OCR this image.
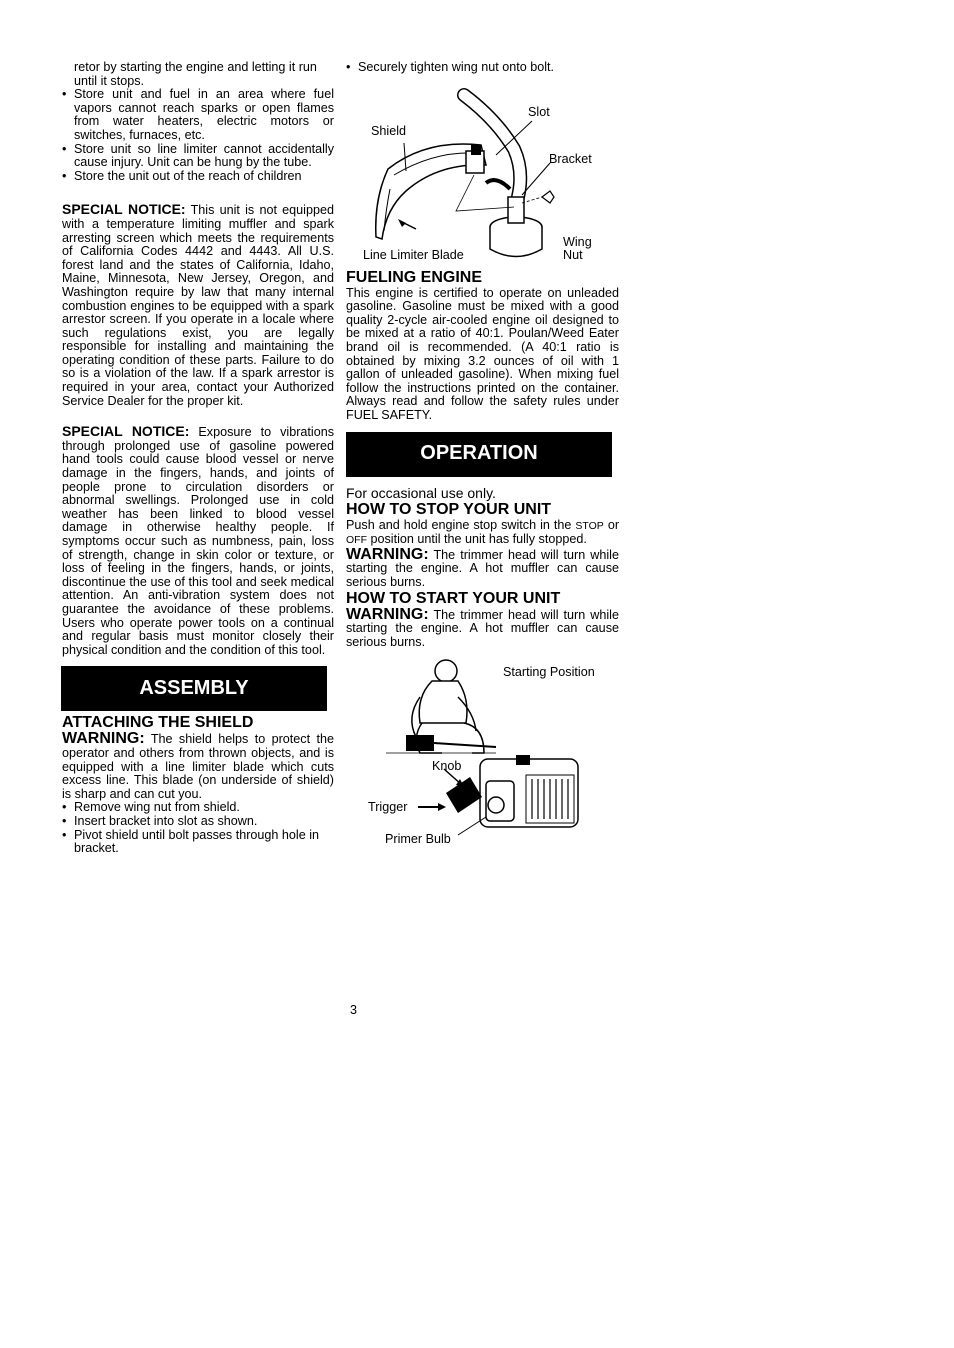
retor by starting the engine and letting it run until it stops.

• Store unit and fuel in an area where fuel vapors cannot reach sparks or open flames from water heaters, electric motors or switches, furnaces, etc.
• Store unit so line limiter cannot accidentally cause injury. Unit can be hung by the tube.
• Store the unit out of the reach of children

SPECIAL NOTICE: This unit is not equipped with a temperature limiting muffler and spark arresting screen which meets the requirements of California Codes 4442 and 4443. All U.S. forest land and the states of California, Idaho, Maine, Minnesota, New Jersey, Oregon, and Washington require by law that many internal combustion engines to be equipped with a spark arrestor screen. If you operate in a locale where such regulations exist, you are legally responsible for installing and maintaining the operating condition of these parts. Failure to do so is a violation of the law. If a spark arrestor is required in your area, contact your Authorized Service Dealer for the proper kit.

SPECIAL NOTICE: Exposure to vibrations through prolonged use of gasoline powered hand tools could cause blood vessel or nerve damage in the fingers, hands, and joints of people prone to circulation disorders or abnormal swellings. Prolonged use in cold weather has been linked to blood vessel damage in otherwise healthy people. If symptoms occur such as numbness, pain, loss of strength, change in skin color or texture, or loss of feeling in the fingers, hands, or joints, discontinue the use of this tool and seek medical attention. An anti-vibration system does not guarantee the avoidance of these problems. Users who operate power tools on a continual and regular basis must monitor closely their physical condition and the condition of this tool.

ASSEMBLY
ATTACHING THE SHIELD

WARNING: The shield helps to protect the operator and others from thrown objects, and is equipped with a line limiter blade which cuts excess line. This blade (on underside of shield) is sharp and can cut you.

• Remove wing nut from shield.
• Insert bracket into slot as shown.
• Pivot shield until bolt passes through hole in bracket.
• Securely tighten wing nut onto bolt.
Slot
Shield
Bracket
Wing
Nut
Line Limiter Blade
FUELING ENGINE

This engine is certified to operate on unleaded gasoline. Gasoline must be mixed with a good quality 2-cycle air-cooled engine oil designed to be mixed at a ratio of 40:1. Poulan/Weed Eater brand oil is recommended. (A 40:1 ratio is obtained by mixing 3.2 ounces of oil with 1 gallon of unleaded gasoline). When mixing fuel follow the instructions printed on the container. Always read and follow the safety rules under FUEL SAFETY.

OPERATION

For occasional use only.

HOW TO STOP YOUR UNIT

Push and hold engine stop switch in the STOP or OFF position until the unit has fully stopped.

WARNING: The trimmer head will turn while starting the engine. A hot muffler can cause serious burns.

HOW TO START YOUR UNIT

WARNING: The trimmer head will turn while starting the engine. A hot muffler can cause serious burns.

Starting Position
Knob
Trigger
Primer Bulb
3
